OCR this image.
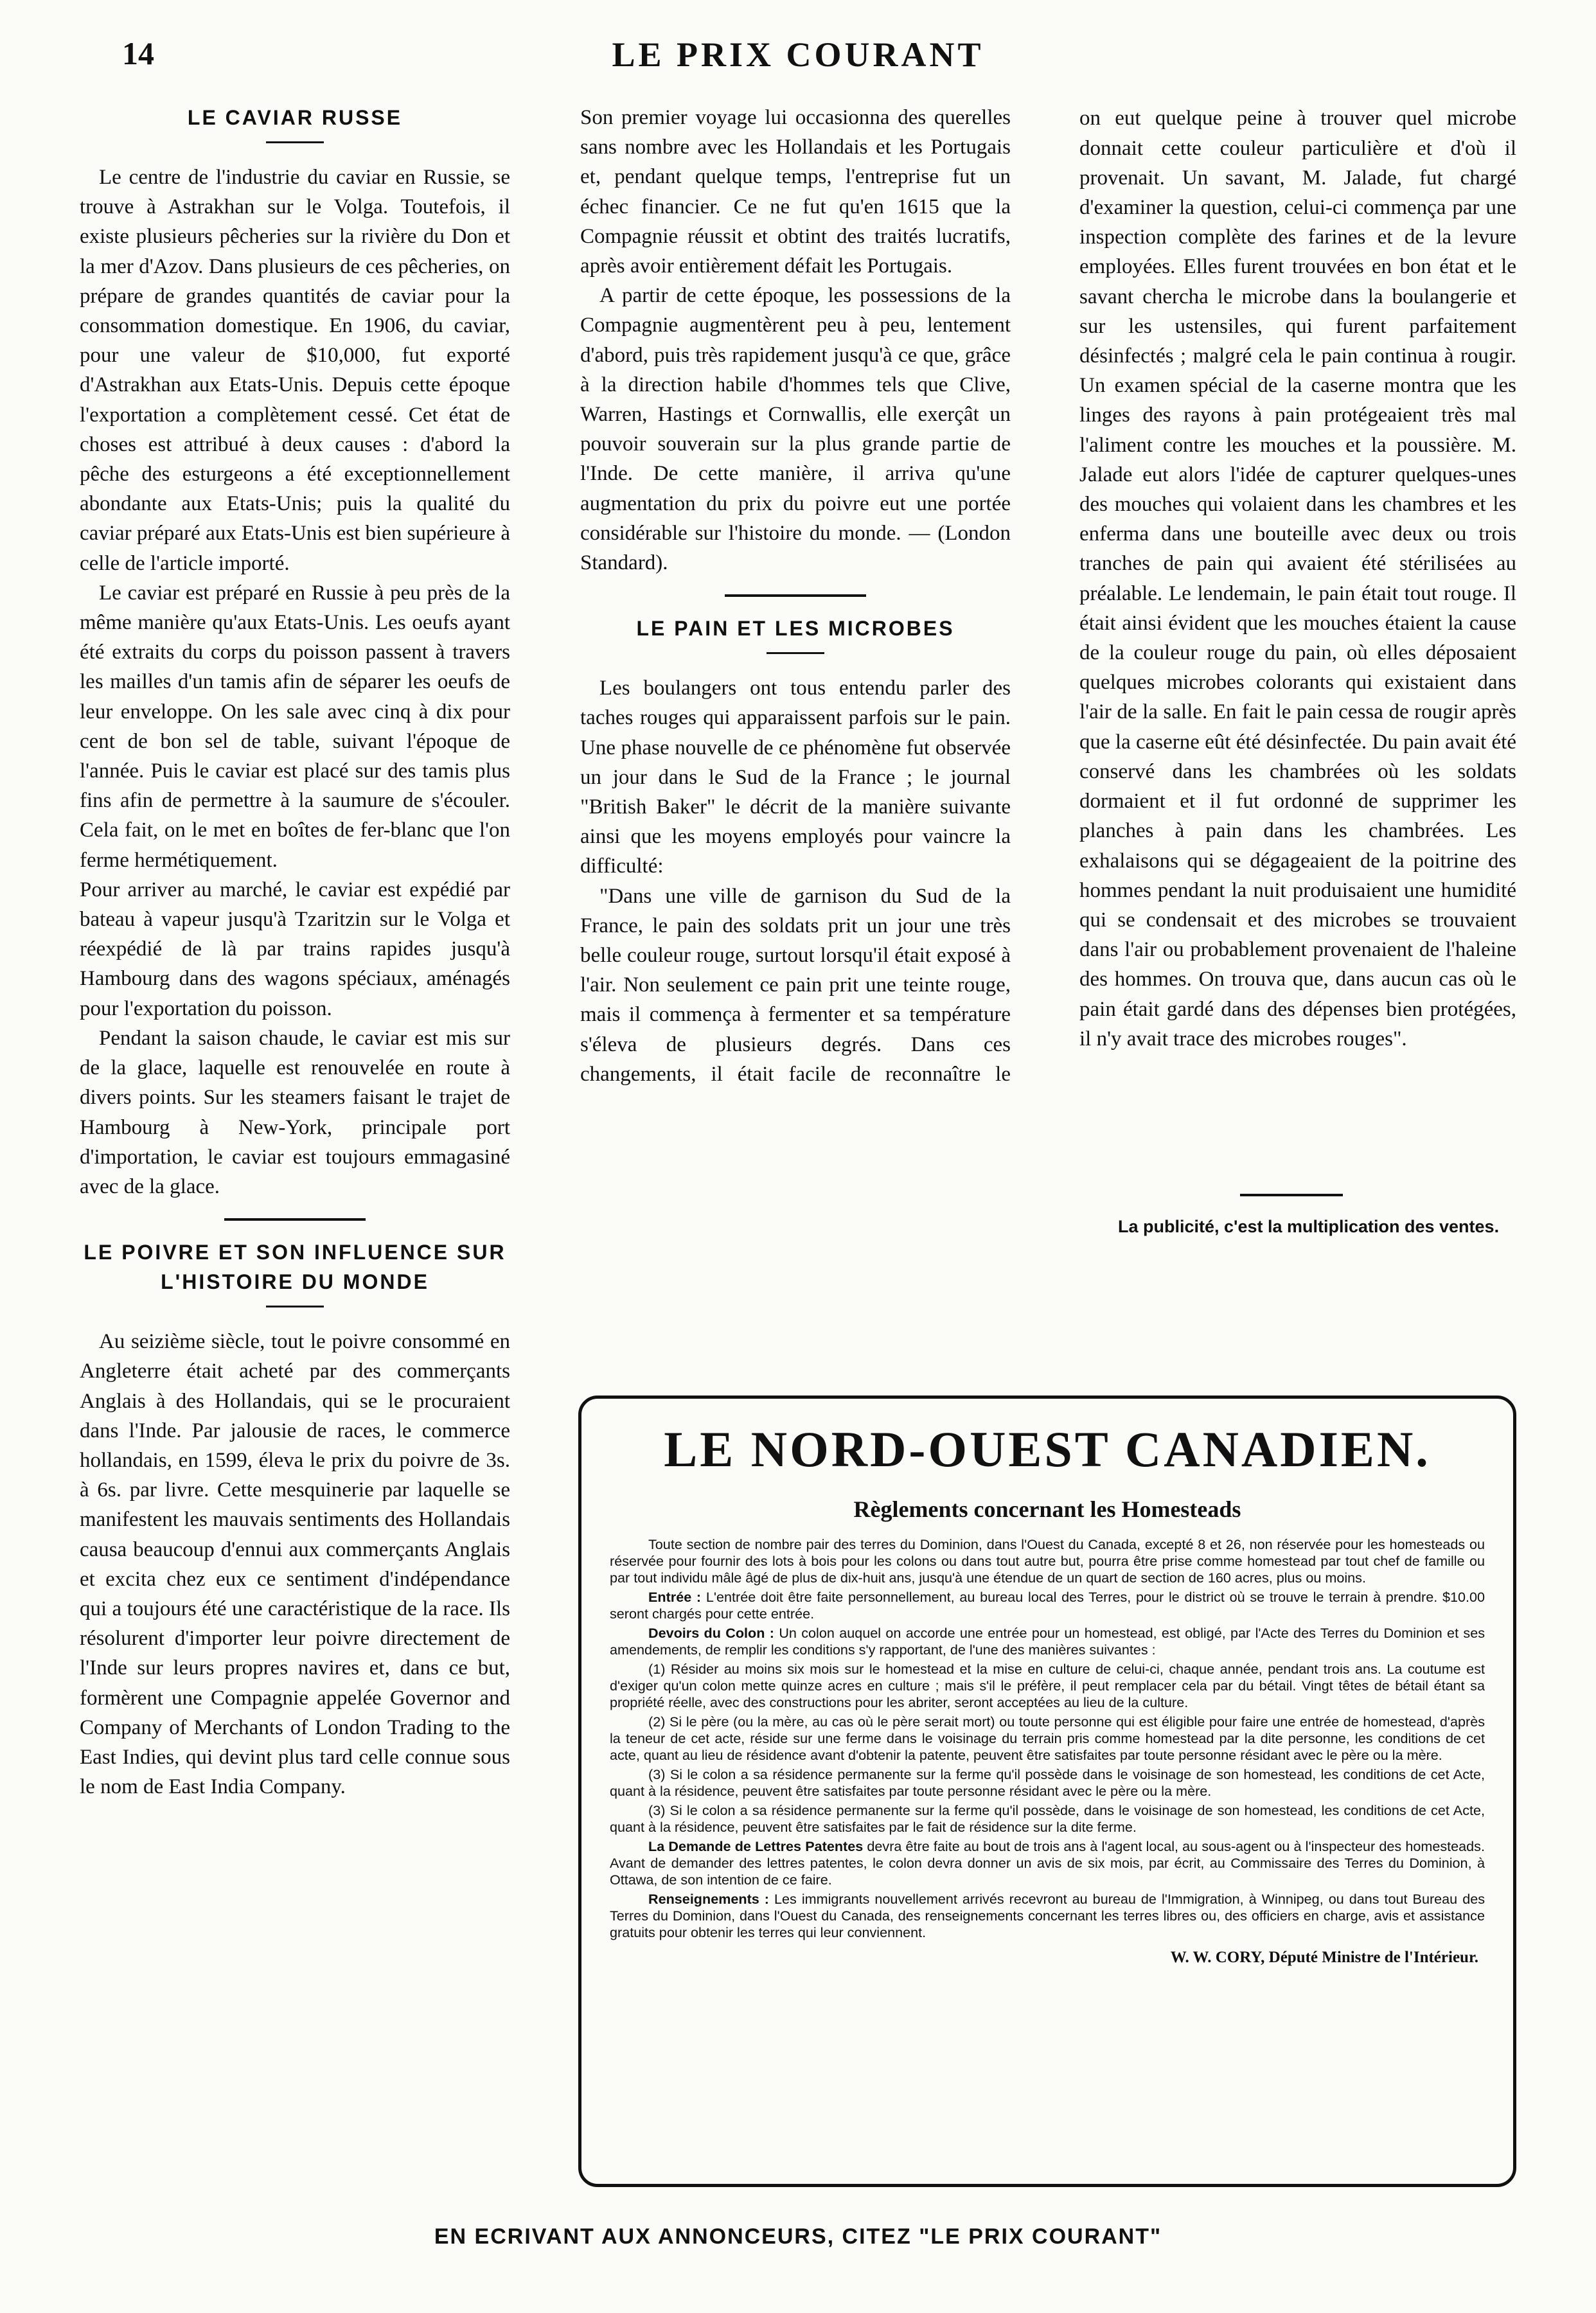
14	LE PRIX COURANT
LE CAVIAR RUSSE

Le centre de l'industrie du caviar en Russie, se trouve à Astrakhan sur le Volga. Toutefois, il existe plusieurs pêcheries sur la rivière du Don et la mer d'Azov. Dans plusieurs de ces pêcheries, on prépare de grandes quantités de caviar pour la consommation domestique. En 1906, du caviar, pour une valeur de $10,000, fut exporté d'Astrakhan aux Etats-Unis. Depuis cette époque l'exportation a complètement cessé. Cet état de choses est attribué à deux causes : d'abord la pêche des esturgeons a été exceptionnellement abondante aux Etats-Unis; puis la qualité du caviar préparé aux Etats-Unis est bien supérieure à celle de l'article importé.

Le caviar est préparé en Russie à peu près de la même manière qu'aux Etats-Unis. Les oeufs ayant été extraits du corps du poisson passent à travers les mailles d'un tamis afin de séparer les oeufs de leur enveloppe. On les sale avec cinq à dix pour cent de bon sel de table, suivant l'époque de l'année. Puis le caviar est placé sur des tamis plus fins afin de permettre à la saumure de s'écouler. Cela fait, on le met en boîtes de fer-blanc que l'on ferme hermétiquement.

Pour arriver au marché, le caviar est expédié par bateau à vapeur jusqu'à Tzaritzin sur le Volga et réexpédié de là par trains rapides jusqu'à Hambourg dans des wagons spéciaux, aménagés pour l'exportation du poisson.

Pendant la saison chaude, le caviar est mis sur de la glace, laquelle est renouvelée en route à divers points. Sur les steamers faisant le trajet de Hambourg à New-York, principale port d'importation, le caviar est toujours emmagasiné avec de la glace.

LE POIVRE ET SON INFLUENCE SUR L'HISTOIRE DU MONDE

Au seizième siècle, tout le poivre consommé en Angleterre était acheté par des commerçants Anglais à des Hollandais, qui se le procuraient dans l'Inde. Par jalousie de races, le commerce hollandais, en 1599, éleva le prix du poivre de 3s. à 6s. par livre. Cette mesquinerie par laquelle se manifestent les mauvais sentiments des Hollandais causa beaucoup d'ennui aux commerçants Anglais et excita chez eux ce sentiment d'indépendance qui a toujours été une caractéristique de la race. Ils résolurent d'importer leur poivre directement de l'Inde sur leurs propres navires et, dans ce but, formèrent une Compagnie appelée Governor and Company of Merchants of London Trading to the East Indies, qui devint plus tard celle connue sous le nom de East India Company.

Son premier voyage lui occasionna des querelles sans nombre avec les Hollandais et les Portugais et, pendant quelque temps, l'entreprise fut un échec financier. Ce ne fut qu'en 1615 que la Compagnie réussit et obtint des traités lucratifs, après avoir entièrement défait les Portugais.

A partir de cette époque, les possessions de la Compagnie augmentèrent peu à peu, lentement d'abord, puis très rapidement jusqu'à ce que, grâce à la direction habile d'hommes tels que Clive, Warren, Hastings et Cornwallis, elle exerçât un pouvoir souverain sur la plus grande partie de l'Inde. De cette manière, il arriva qu'une augmentation du prix du poivre eut une portée considérable sur l'histoire du monde. — (London Standard).

LE PAIN ET LES MICROBES

Les boulangers ont tous entendu parler des taches rouges qui apparaissent parfois sur le pain. Une phase nouvelle de ce phénomène fut observée un jour dans le Sud de la France ; le journal "British Baker" le décrit de la manière suivante ainsi que les moyens employés pour vaincre la difficulté:

"Dans une ville de garnison du Sud de la France, le pain des soldats prit un jour une très belle couleur rouge, surtout lorsqu'il était exposé à l'air. Non seulement ce pain prit une teinte rouge, mais il commença à fermenter et sa température s'éleva de plusieurs degrés. Dans ces changements, il était facile de reconnaître le

on eut quelque peine à trouver quel microbe donnait cette couleur particulière et d'où il provenait. Un savant, M. Jalade, fut chargé d'examiner la question, celui-ci commença par une inspection complète des farines et de la levure employées. Elles furent trouvées en bon état et le savant chercha le microbe dans la boulangerie et sur les ustensiles, qui furent parfaitement désinfectés ; malgré cela le pain continua à rougir. Un examen spécial de la caserne montra que les linges des rayons à pain protégeaient très mal l'aliment contre les mouches et la poussière. M. Jalade eut alors l'idée de capturer quelques-unes des mouches qui volaient dans les chambres et les enferma dans une bouteille avec deux ou trois tranches de pain qui avaient été stérilisées au préalable. Le lendemain, le pain était tout rouge. Il était ainsi évident que les mouches étaient la cause de la couleur rouge du pain, où elles déposaient quelques microbes colorants qui existaient dans l'air de la salle. En fait le pain cessa de rougir après que la caserne eût été désinfectée. Du pain avait été conservé dans les chambrées où les soldats dormaient et il fut ordonné de supprimer les planches à pain dans les chambrées. Les exhalaisons qui se dégageaient de la poitrine des hommes pendant la nuit produisaient une humidité qui se condensait et des microbes se trouvaient dans l'air ou probablement provenaient de l'haleine des hommes. On trouva que, dans aucun cas où le pain était gardé dans des dépenses bien protégées, il n'y avait trace des microbes rouges".

La publicité, c'est la multiplication des ventes.

LE NORD-OUEST CANADIEN.
Règlements concernant les Homesteads

Toute section de nombre pair des terres du Dominion, dans l'Ouest du Canada, excepté 8 et 26, non réservée pour les homesteads ou réservée pour fournir des lots à bois pour les colons ou dans tout autre but, pourra être prise comme homestead par tout chef de famille ou par tout individu mâle âgé de plus de dix-huit ans, jusqu'à une étendue de un quart de section de 160 acres, plus ou moins.

Entrée : L'entrée doit être faite personnellement, au bureau local des Terres, pour le district où se trouve le terrain à prendre. $10.00 seront chargés pour cette entrée.

Devoirs du Colon : Un colon auquel on accorde une entrée pour un homestead, est obligé, par l'Acte des Terres du Dominion et ses amendements, de remplir les conditions s'y rapportant, de l'une des manières suivantes :

(1) Résider au moins six mois sur le homestead et la mise en culture de celui-ci, chaque année, pendant trois ans. La coutume est d'exiger qu'un colon mette quinze acres en culture ; mais s'il le préfère, il peut remplacer cela par du bétail. Vingt têtes de bétail étant sa propriété réelle, avec des constructions pour les abriter, seront acceptées au lieu de la culture.

(2) Si le père (ou la mère, au cas où le père serait mort) ou toute personne qui est éligible pour faire une entrée de homestead, d'après la teneur de cet acte, réside sur une ferme dans le voisinage du terrain pris comme homestead par la dite personne, les conditions de cet acte, quant au lieu de résidence avant d'obtenir la patente, peuvent être satisfaites par toute personne résidant avec le père ou la mère.

(3) Si le colon a sa résidence permanente sur la ferme qu'il possède dans le voisinage de son homestead, les conditions de cet Acte, quant à la résidence, peuvent être satisfaites par toute personne résidant avec le père ou la mère.

(3) Si le colon a sa résidence permanente sur la ferme qu'il possède, dans le voisinage de son homestead, les conditions de cet Acte, quant à la résidence, peuvent être satisfaites par le fait de résidence sur la dite ferme.

La Demande de Lettres Patentes devra être faite au bout de trois ans à l'agent local, au sous-agent ou à l'inspecteur des homesteads. Avant de demander des lettres patentes, le colon devra donner un avis de six mois, par écrit, au Commissaire des Terres du Dominion, à Ottawa, de son intention de ce faire.

Renseignements : Les immigrants nouvellement arrivés recevront au bureau de l'Immigration, à Winnipeg, ou dans tout Bureau des Terres du Dominion, dans l'Ouest du Canada, des renseignements concernant les terres libres ou, des officiers en charge, avis et assistance gratuits pour obtenir les terres qui leur conviennent.

W. W. CORY, Député Ministre de l'Intérieur.
EN ECRIVANT AUX ANNONCEURS, CITEZ "LE PRIX COURANT"
